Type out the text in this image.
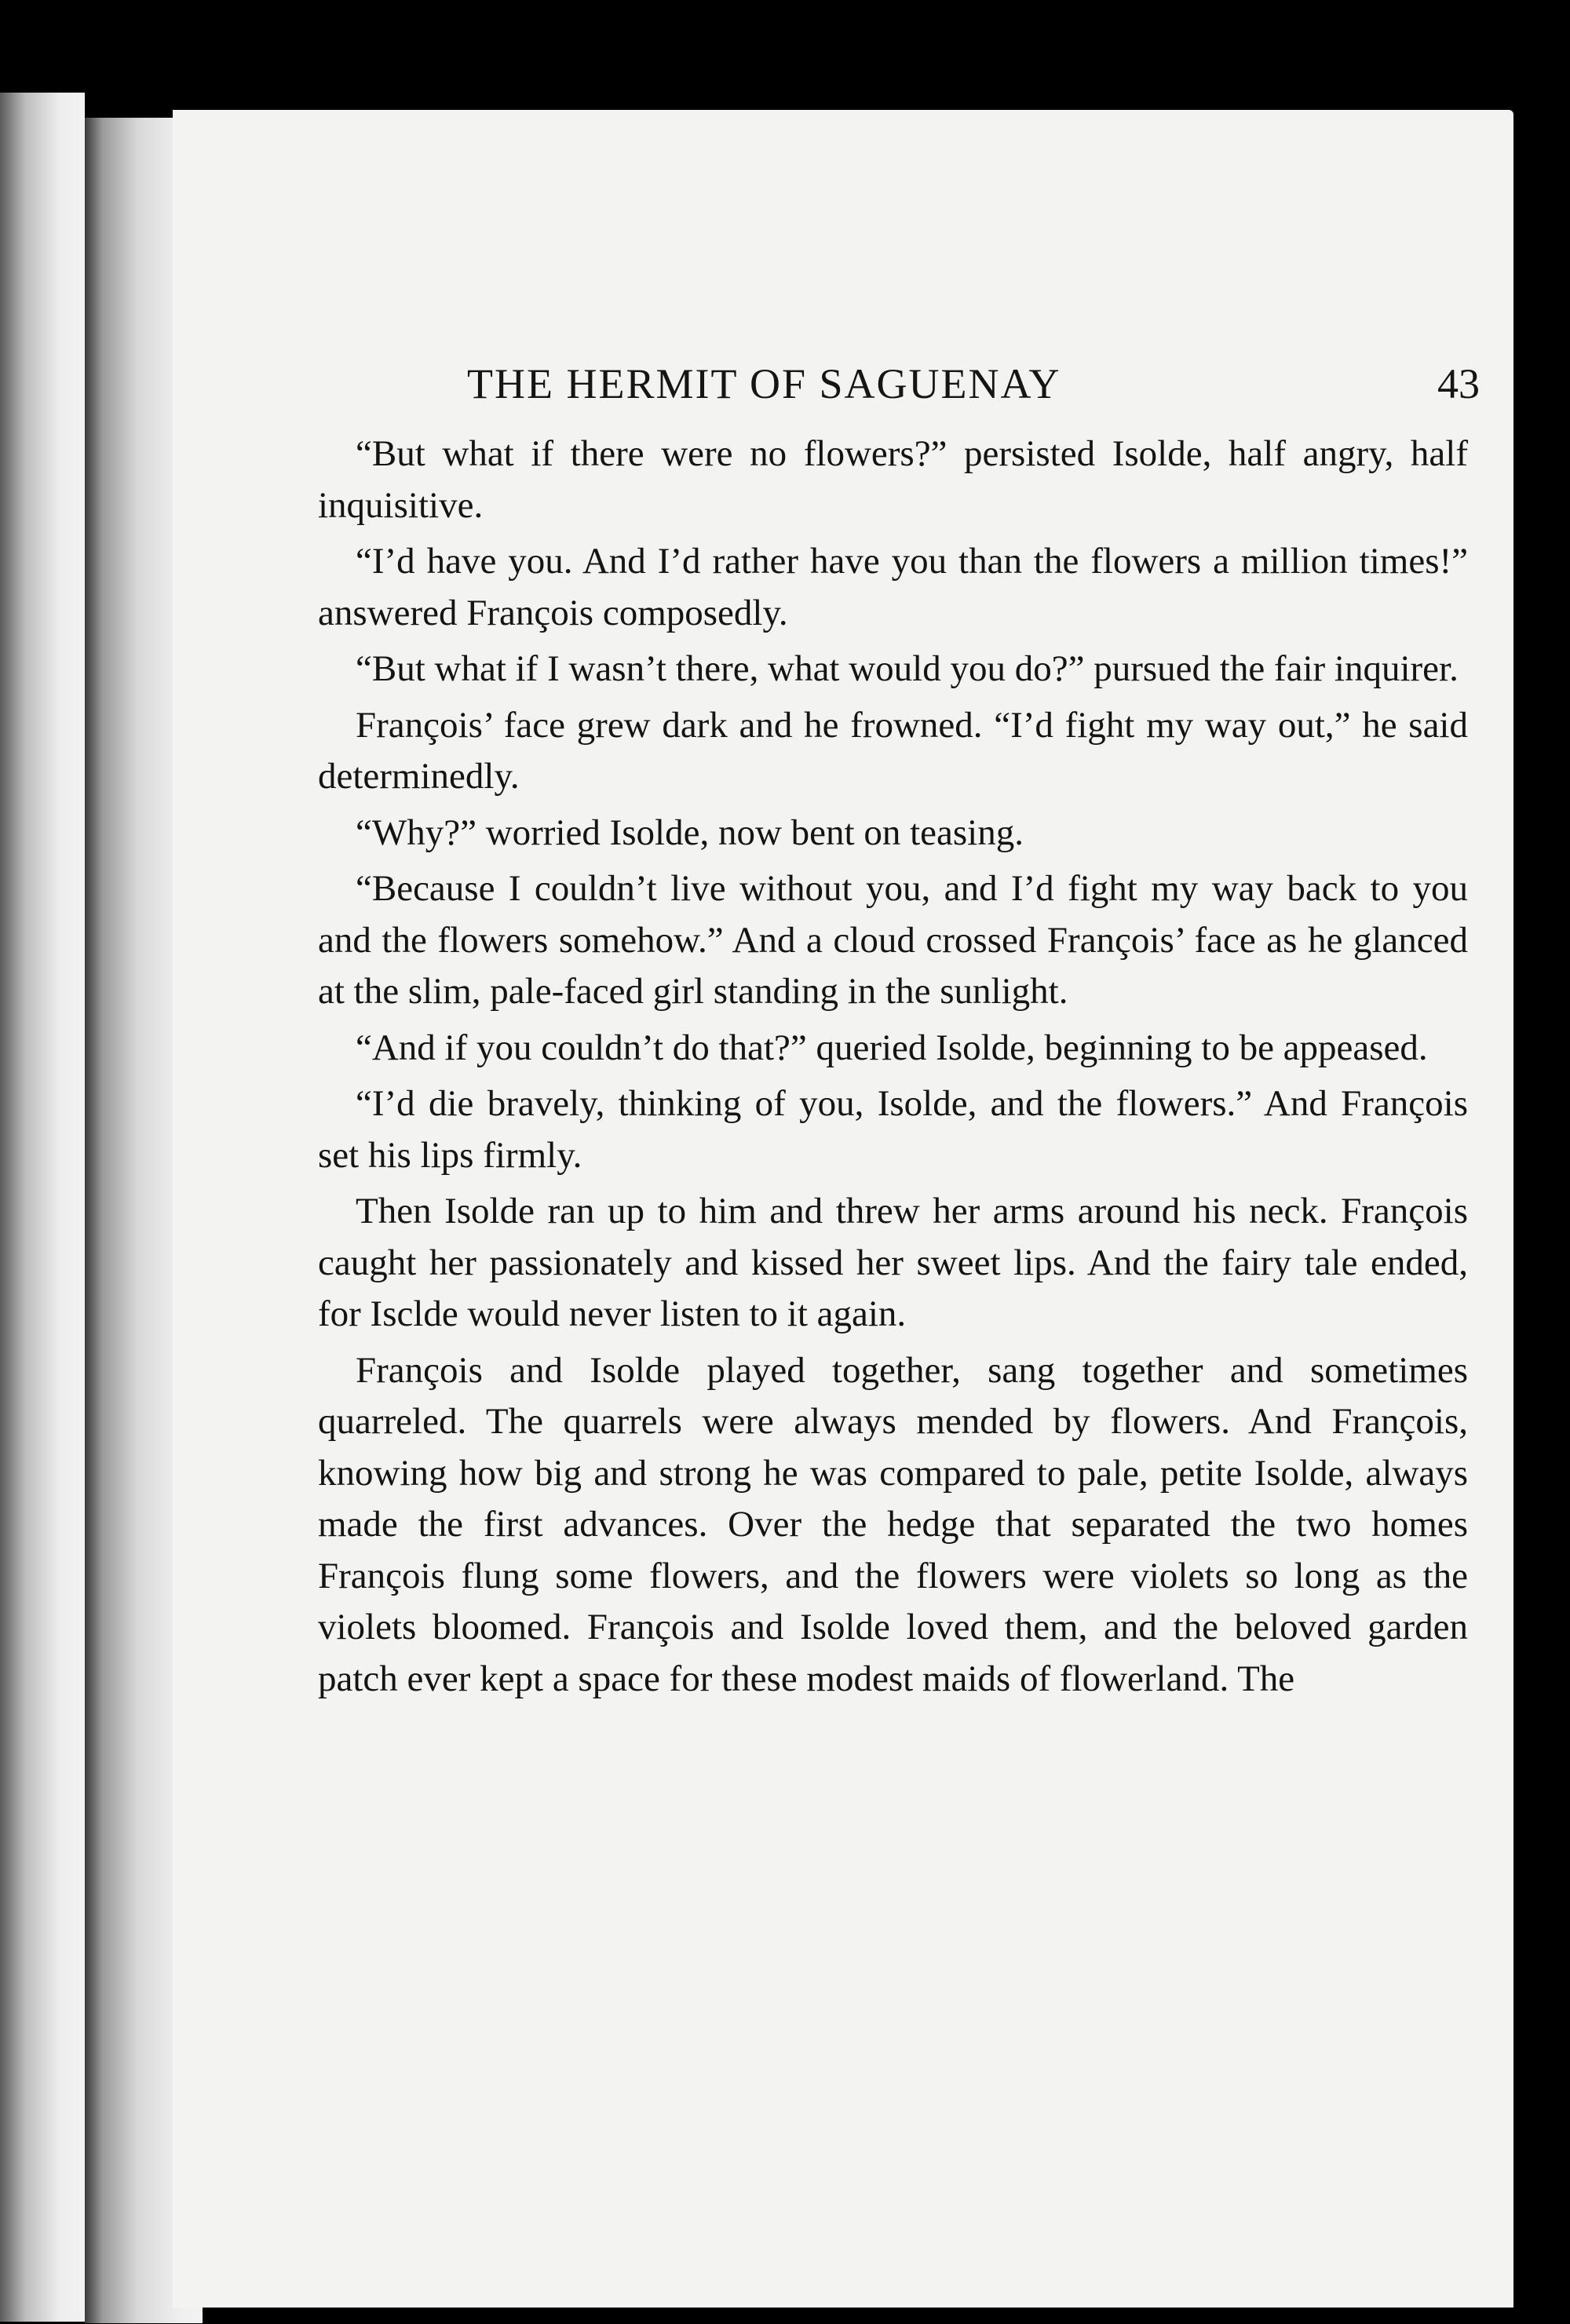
THE HERMIT OF SAGUENAY	43

“But what if there were no flowers?” persisted Isolde, half angry, half inquisitive.

“I’d have you. And I’d rather have you than the flowers a million times!” answered François composedly.

“But what if I wasn’t there, what would you do?” pursued the fair inquirer.

François’ face grew dark and he frowned. “I’d fight my way out,” he said determinedly.

“Why?” worried Isolde, now bent on teasing.

“Because I couldn’t live without you, and I’d fight my way back to you and the flowers somehow.” And a cloud crossed François’ face as he glanced at the slim, pale-faced girl standing in the sunlight.

“And if you couldn’t do that?” queried Isolde, beginning to be appeased.

“I’d die bravely, thinking of you, Isolde, and the flowers.” And François set his lips firmly.

Then Isolde ran up to him and threw her arms around his neck. François caught her passionately and kissed her sweet lips. And the fairy tale ended, for Isclde would never listen to it again.

François and Isolde played together, sang together and sometimes quarreled. The quarrels were always mended by flowers. And François, knowing how big and strong he was compared to pale, petite Isolde, always made the first advances. Over the hedge that separated the two homes François flung some flowers, and the flowers were violets so long as the violets bloomed. François and Isolde loved them, and the beloved garden patch ever kept a space for these modest maids of flowerland. The
